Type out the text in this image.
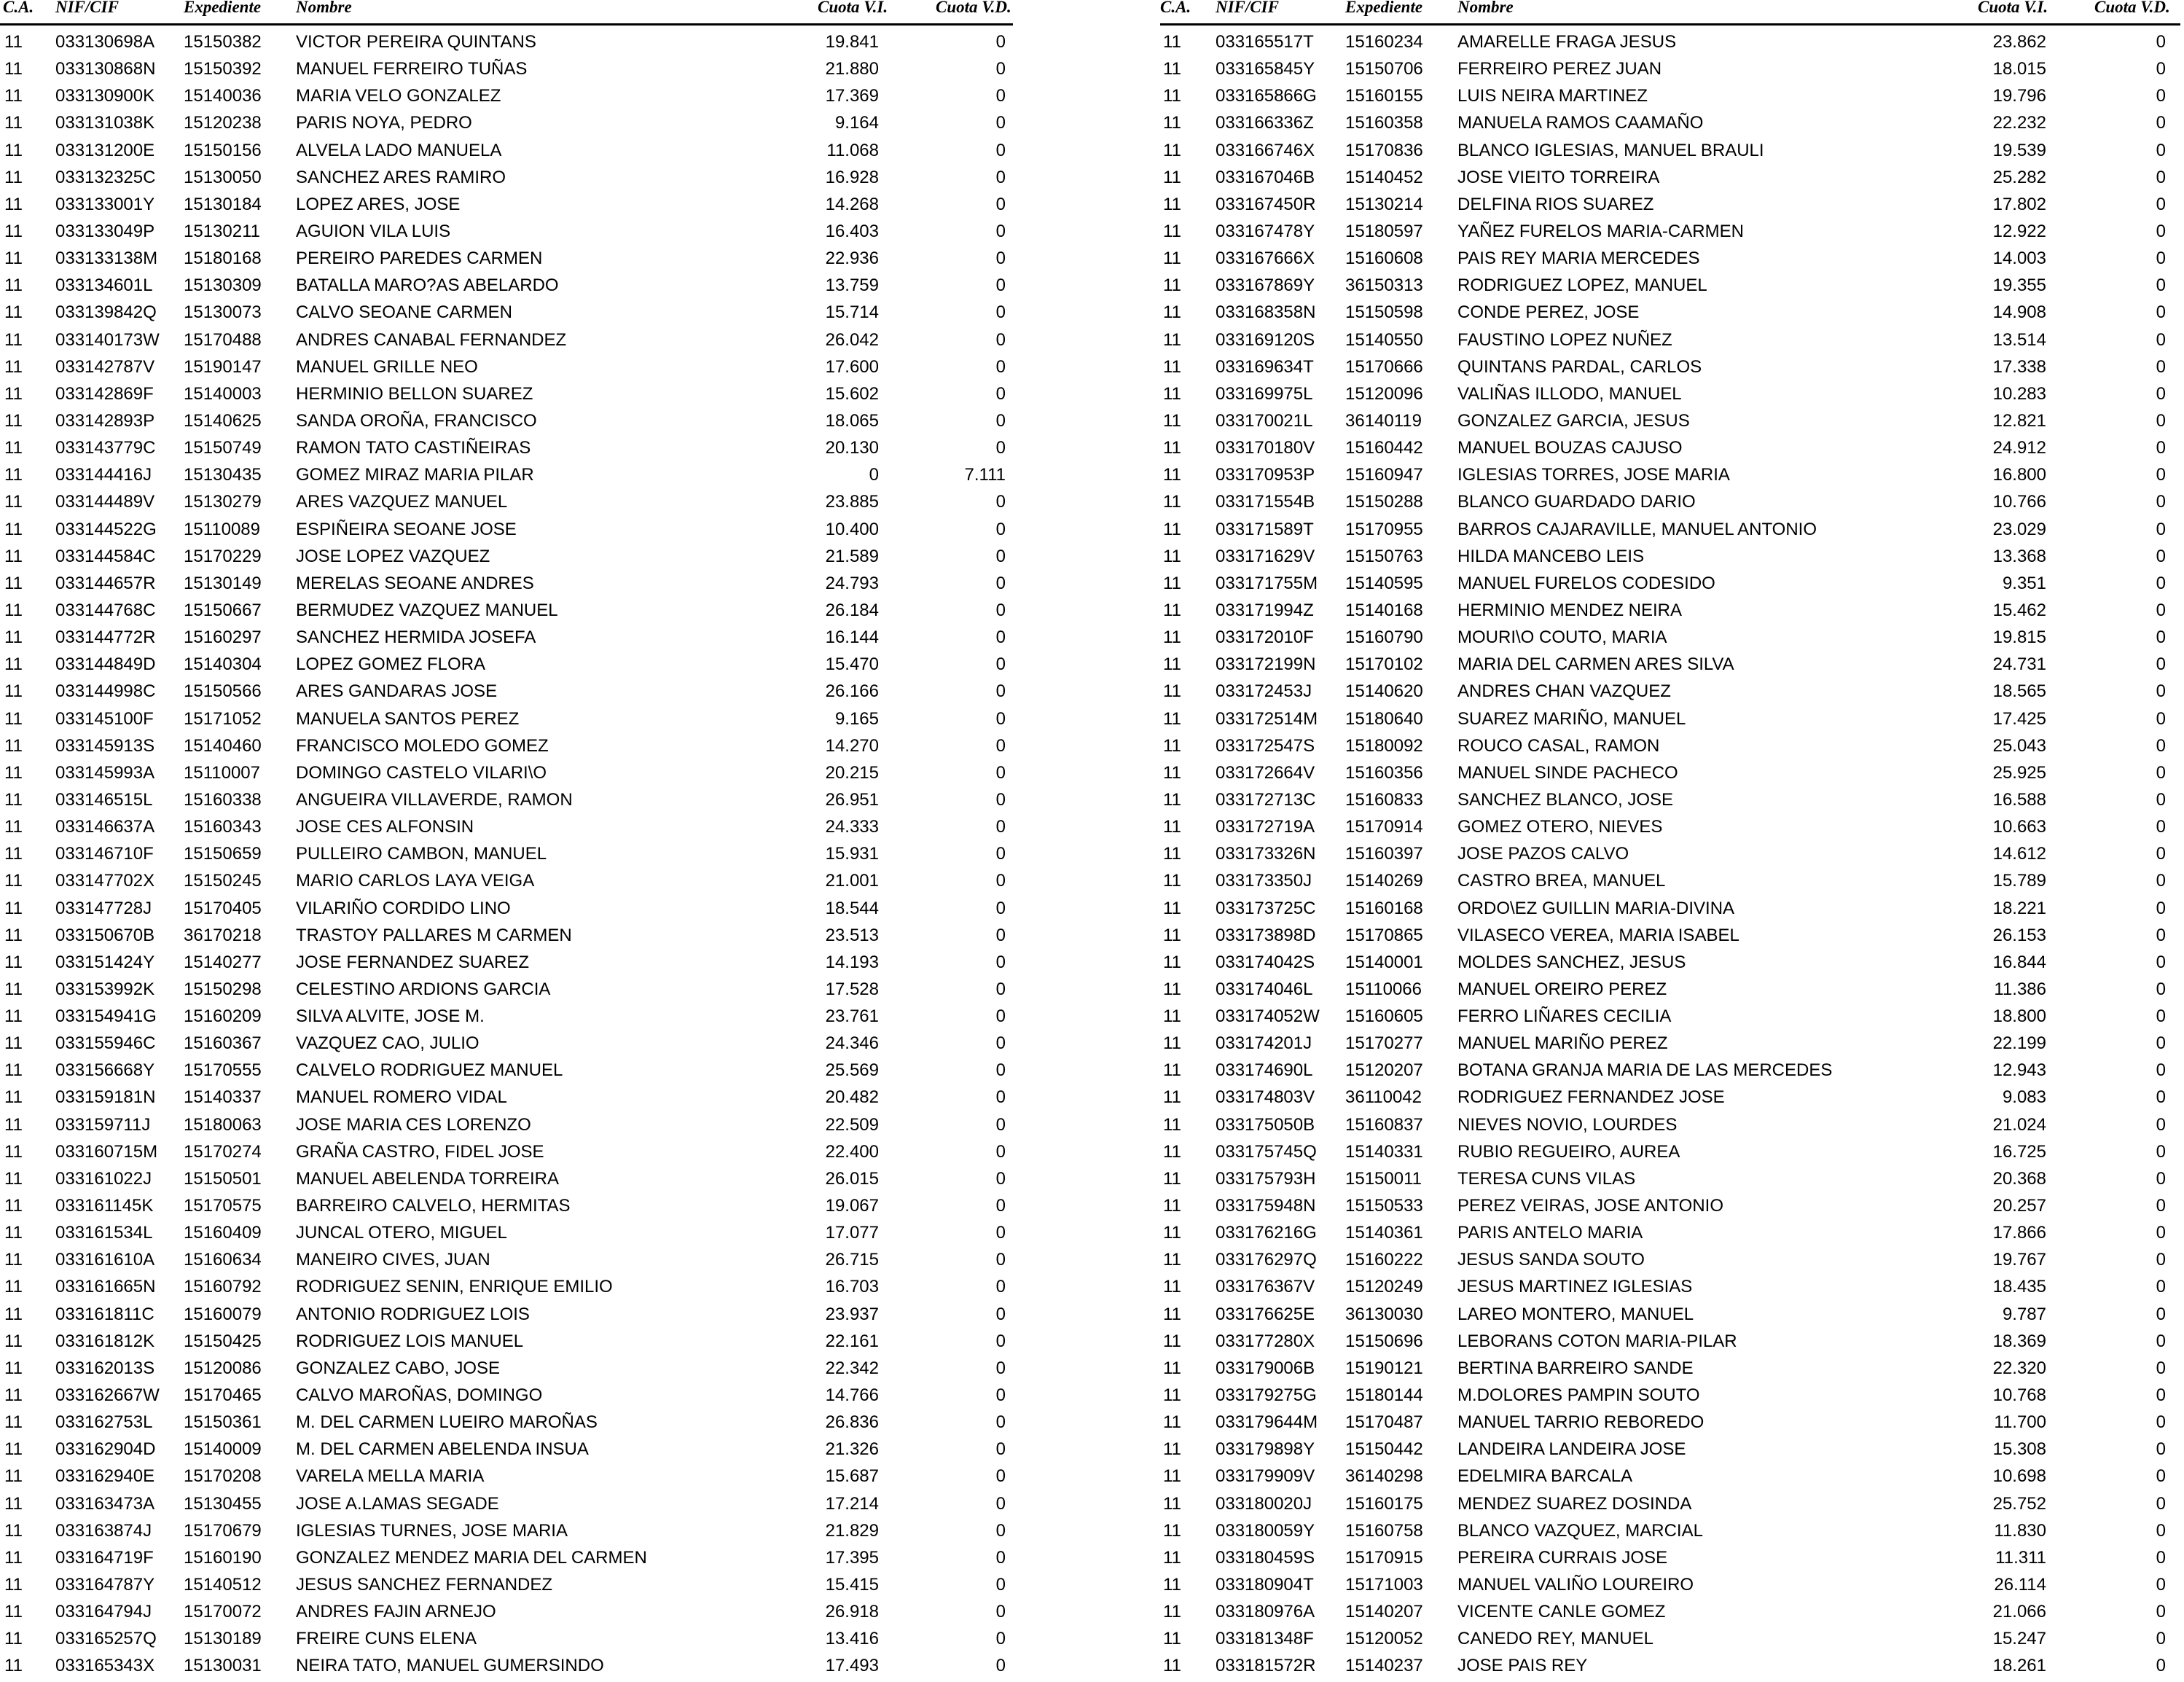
C.A. NIF/CIF	Expediente Nombre	Cuota V.I.	Cuota V.D.
11 033130698A 15150382 VICTOR PEREIRA QUINTANS	19.841	0
11 033130868N 15150392 MANUEL FERREIRO TUÑAS	21.880	0
11 033130900K 15140036 MARIA VELO GONZALEZ	17.369	0
11 033131038K 15120238 PARIS NOYA, PEDRO	9.164	0
11 033131200E 15150156 ALVELA LADO MANUELA	11.068	0
11 033132325C 15130050 SANCHEZ ARES RAMIRO	16.928	0
11 033133001Y 15130184 LOPEZ ARES, JOSE	14.268	0
11 033133049P 15130211 AGUION VILA LUIS	16.403	0
11 033133138M 15180168 PEREIRO PAREDES CARMEN	22.936	0
11 033134601L 15130309 BATALLA MARO?AS ABELARDO	13.759	0
11 033139842Q 15130073 CALVO SEOANE CARMEN	15.714	0
11 033140173W 15170488 ANDRES CANABAL FERNANDEZ	26.042	0
11 033142787V 15190147 MANUEL GRILLE NEO	17.600	0
11 033142869F 15140003 HERMINIO BELLON SUAREZ	15.602	0
11 033142893P 15140625 SANDA OROÑA, FRANCISCO	18.065	0
11 033143779C 15150749 RAMON TATO CASTIÑEIRAS	20.130	0
11 033144416J 15130435 GOMEZ MIRAZ MARIA PILAR	0	7.111
11 033144489V 15130279 ARES VAZQUEZ MANUEL	23.885	0
11 033144522G 15110089 ESPIÑEIRA SEOANE JOSE	10.400	0
11 033144584C 15170229 JOSE LOPEZ VAZQUEZ	21.589	0
11 033144657R 15130149 MERELAS SEOANE ANDRES	24.793	0
11 033144768C 15150667 BERMUDEZ VAZQUEZ MANUEL	26.184	0
11 033144772R 15160297 SANCHEZ HERMIDA JOSEFA	16.144	0
11 033144849D 15140304 LOPEZ GOMEZ FLORA	15.470	0
11 033144998C 15150566 ARES GANDARAS JOSE	26.166	0
11 033145100F 15171052 MANUELA SANTOS PEREZ	9.165	0
11 033145913S 15140460 FRANCISCO MOLEDO GOMEZ	14.270	0
11 033145993A 15110007 DOMINGO CASTELO VILARI\O	20.215	0
11 033146515L 15160338 ANGUEIRA VILLAVERDE, RAMON	26.951	0
11 033146637A 15160343 JOSE CES ALFONSIN	24.333	0
11 033146710F 15150659 PULLEIRO CAMBON, MANUEL	15.931	0
11 033147702X 15150245 MARIO CARLOS LAYA VEIGA	21.001	0
11 033147728J 15170405 VILARIÑO CORDIDO LINO	18.544	0
11 033150670B 36170218 TRASTOY PALLARES M CARMEN	23.513	0
11 033151424Y 15140277 JOSE FERNANDEZ SUAREZ	14.193	0
11 033153992K 15150298 CELESTINO ARDIONS GARCIA	17.528	0
11 033154941G 15160209 SILVA ALVITE, JOSE M.	23.761	0
11 033155946C 15160367 VAZQUEZ CAO, JULIO	24.346	0
11 033156668Y 15170555 CALVELO RODRIGUEZ MANUEL	25.569	0
11 033159181N 15140337 MANUEL ROMERO VIDAL	20.482	0
11 033159711J 15180063 JOSE MARIA CES LORENZO	22.509	0
11 033160715M 15170274 GRAÑA CASTRO, FIDEL JOSE	22.400	0
11 033161022J 15150501 MANUEL ABELENDA TORREIRA	26.015	0
11 033161145K 15170575 BARREIRO CALVELO, HERMITAS	19.067	0
11 033161534L 15160409 JUNCAL OTERO, MIGUEL	17.077	0
11 033161610A 15160634 MANEIRO CIVES, JUAN	26.715	0
11 033161665N 15160792 RODRIGUEZ SENIN, ENRIQUE EMILIO	16.703	0
11 033161811C 15160079 ANTONIO RODRIGUEZ LOIS	23.937	0
11 033161812K 15150425 RODRIGUEZ LOIS MANUEL	22.161	0
11 033162013S 15120086 GONZALEZ CABO, JOSE	22.342	0
11 033162667W 15170465 CALVO MAROÑAS, DOMINGO	14.766	0
11 033162753L 15150361 M. DEL CARMEN LUEIRO MAROÑAS	26.836	0
11 033162904D 15140009 M. DEL CARMEN ABELENDA INSUA	21.326	0
11 033162940E 15170208 VARELA MELLA MARIA	15.687	0
11 033163473A 15130455 JOSE A.LAMAS SEGADE	17.214	0
11 033163874J 15170679 IGLESIAS TURNES, JOSE MARIA	21.829	0
11 033164719F 15160190 GONZALEZ MENDEZ MARIA DEL CARMEN	17.395	0
11 033164787Y 15140512 JESUS SANCHEZ FERNANDEZ	15.415	0
11 033164794J 15170072 ANDRES FAJIN ARNEJO	26.918	0
11 033165257Q 15130189 FREIRE CUNS ELENA	13.416	0
11 033165343X 15130031 NEIRA TATO, MANUEL GUMERSINDO	17.493	0
C.A. NIF/CIF	Expediente Nombre	Cuota V.I.	Cuota V.D.
11 033165517T 15160234 AMARELLE FRAGA JESUS	23.862	0
11 033165845Y 15150706 FERREIRO PEREZ JUAN	18.015	0
11 033165866G 15160155 LUIS NEIRA MARTINEZ	19.796	0
11 033166336Z 15160358 MANUELA RAMOS CAAMAÑO	22.232	0
11 033166746X 15170836 BLANCO IGLESIAS, MANUEL BRAULI	19.539	0
11 033167046B 15140452 JOSE VIEITO TORREIRA	25.282	0
11 033167450R 15130214 DELFINA RIOS SUAREZ	17.802	0
11 033167478Y 15180597 YAÑEZ FURELOS MARIA-CARMEN	12.922	0
11 033167666X 15160608 PAIS REY MARIA MERCEDES	14.003	0
11 033167869Y 36150313 RODRIGUEZ LOPEZ, MANUEL	19.355	0
11 033168358N 15150598 CONDE PEREZ, JOSE	14.908	0
11 033169120S 15140550 FAUSTINO LOPEZ NUÑEZ	13.514	0
11 033169634T 15170666 QUINTANS PARDAL, CARLOS	17.338	0
11 033169975L 15120096 VALIÑAS ILLODO, MANUEL	10.283	0
11 033170021L 36140119 GONZALEZ GARCIA, JESUS	12.821	0
11 033170180V 15160442 MANUEL BOUZAS CAJUSO	24.912	0
11 033170953P 15160947 IGLESIAS TORRES, JOSE MARIA	16.800	0
11 033171554B 15150288 BLANCO GUARDADO DARIO	10.766	0
11 033171589T 15170955 BARROS CAJARAVILLE, MANUEL ANTONIO	23.029	0
11 033171629V 15150763 HILDA MANCEBO LEIS	13.368	0
11 033171755M 15140595 MANUEL FURELOS CODESIDO	9.351	0
11 033171994Z 15140168 HERMINIO MENDEZ NEIRA	15.462	0
11 033172010F 15160790 MOURI\O COUTO, MARIA	19.815	0
11 033172199N 15170102 MARIA DEL CARMEN ARES SILVA	24.731	0
11 033172453J 15140620 ANDRES CHAN VAZQUEZ	18.565	0
11 033172514M 15180640 SUAREZ MARIÑO, MANUEL	17.425	0
11 033172547S 15180092 ROUCO CASAL, RAMON	25.043	0
11 033172664V 15160356 MANUEL SINDE PACHECO	25.925	0
11 033172713C 15160833 SANCHEZ BLANCO, JOSE	16.588	0
11 033172719A 15170914 GOMEZ OTERO, NIEVES	10.663	0
11 033173326N 15160397 JOSE PAZOS CALVO	14.612	0
11 033173350J 15140269 CASTRO BREA, MANUEL	15.789	0
11 033173725C 15160168 ORDO\EZ GUILLIN MARIA-DIVINA	18.221	0
11 033173898D 15170865 VILASECO VEREA, MARIA ISABEL	26.153	0
11 033174042S 15140001 MOLDES SANCHEZ, JESUS	16.844	0
11 033174046L 15110066 MANUEL OREIRO PEREZ	11.386	0
11 033174052W 15160605 FERRO LIÑARES CECILIA	18.800	0
11 033174201J 15170277 MANUEL MARIÑO PEREZ	22.199	0
11 033174690L 15120207 BOTANA GRANJA MARIA DE LAS MERCEDES	12.943	0
11 033174803V 36110042 RODRIGUEZ FERNANDEZ JOSE	9.083	0
11 033175050B 15160837 NIEVES NOVIO, LOURDES	21.024	0
11 033175745Q 15140331 RUBIO REGUEIRO, AUREA	16.725	0
11 033175793H 15150011 TERESA CUNS VILAS	20.368	0
11 033175948N 15150533 PEREZ VEIRAS, JOSE ANTONIO	20.257	0
11 033176216G 15140361 PARIS ANTELO MARIA	17.866	0
11 033176297Q 15160222 JESUS SANDA SOUTO	19.767	0
11 033176367V 15120249 JESUS MARTINEZ IGLESIAS	18.435	0
11 033176625E 36130030 LAREO MONTERO, MANUEL	9.787	0
11 033177280X 15150696 LEBORANS COTON MARIA-PILAR	18.369	0
11 033179006B 15190121 BERTINA BARREIRO SANDE	22.320	0
11 033179275G 15180144 M.DOLORES PAMPIN SOUTO	10.768	0
11 033179644M 15170487 MANUEL TARRIO REBOREDO	11.700	0
11 033179898Y 15150442 LANDEIRA LANDEIRA JOSE	15.308	0
11 033179909V 36140298 EDELMIRA BARCALA	10.698	0
11 033180020J 15160175 MENDEZ SUAREZ DOSINDA	25.752	0
11 033180059Y 15160758 BLANCO VAZQUEZ, MARCIAL	11.830	0
11 033180459S 15170915 PEREIRA CURRAIS JOSE	11.311	0
11 033180904T 15171003 MANUEL VALIÑO LOUREIRO	26.114	0
11 033180976A 15140207 VICENTE CANLE GOMEZ	21.066	0
11 033181348F 15120052 CANEDO REY, MANUEL	15.247	0
11 033181572R 15140237 JOSE PAIS REY	18.261	0
